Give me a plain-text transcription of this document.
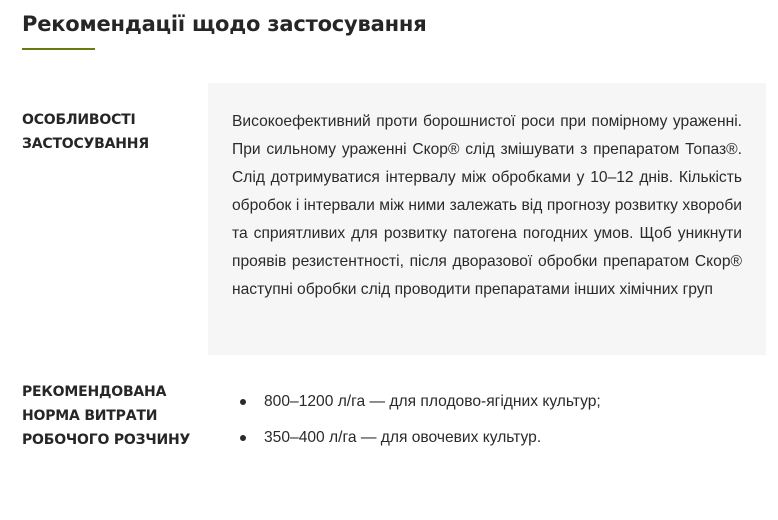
Рекомендації щодо застосування
ОСОБЛИВОСТІ ЗАСТОСУВАННЯ

Високоефективний проти борошнистої роси при помірному ураженні. При сильному ураженні Скор® слід змішувати з препаратом Топаз®. Слід дотримуватися інтервалу між обробками у 10–12 днів. Кількість обробок і інтервали між ними залежать від прогнозу розвитку хвороби та сприятливих для розвитку патогена погодних умов. Щоб уникнути проявів резистентності, після дворазової обробки препаратом Скор® наступні обробки слід проводити препаратами інших хімічних груп

РЕКОМЕНДОВАНА НОРМА ВИТРАТИ РОБОЧОГО РОЗЧИНУ
800–1200 л/га — для плодово-ягідних культур;
350–400 л/га — для овочевих культур.
